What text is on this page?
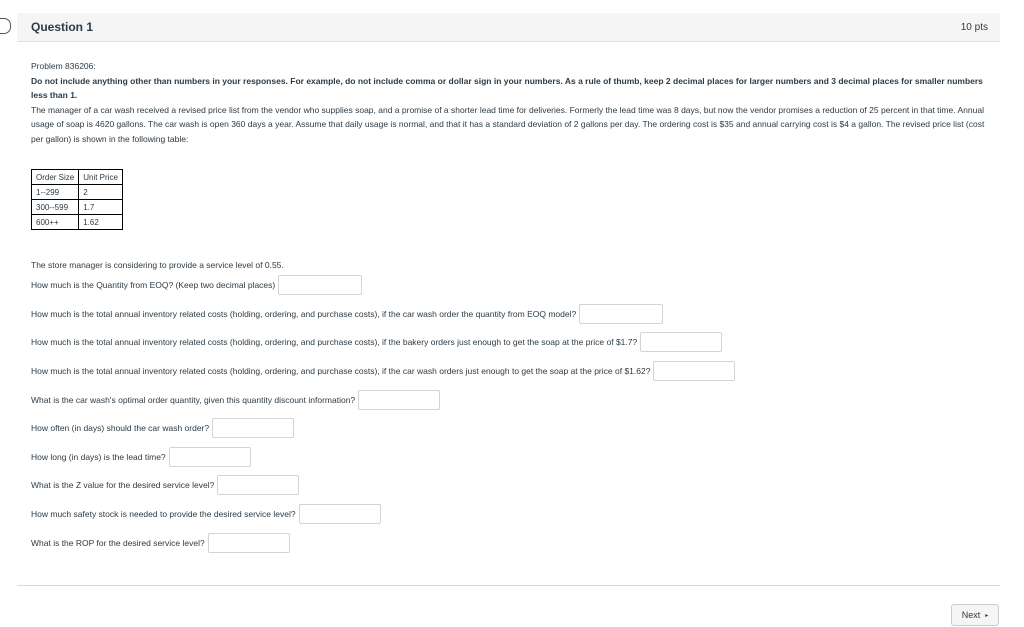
Question 1	10 pts

Problem 836206:

Do not include anything other than numbers in your responses. For example, do not include comma or dollar sign in your numbers. As a rule of thumb, keep 2 decimal places for larger numbers and 3 decimal places for smaller numbers less than 1.

The manager of a car wash received a revised price list from the vendor who supplies soap, and a promise of a shorter lead time for deliveries. Formerly the lead time was 8 days, but now the vendor promises a reduction of 25 percent in that time. Annual usage of soap is 4620 gallons. The car wash is open 360 days a year. Assume that daily usage is normal, and that it has a standard deviation of 2 gallons per day. The ordering cost is $35 and annual carrying cost is $4 a gallon. The revised price list (cost per gallon) is shown in the following table:

Order Size	Unit Price
1--299	2
300--599	1.7
600++	1.62
The store manager is considering to provide a service level of 0.55.
How much is the Quantity from EOQ? (Keep two decimal places)
How much is the total annual inventory related costs (holding, ordering, and purchase costs), if the car wash order the quantity from EOQ model?
How much is the total annual inventory related costs (holding, ordering, and purchase costs), if the bakery orders just enough to get the soap at the price of $1.7?
How much is the total annual inventory related costs (holding, ordering, and purchase costs), if the car wash orders just enough to get the soap at the price of $1.62?
What is the car wash's optimal order quantity, given this quantity discount information?
How often (in days) should the car wash order?
How long (in days) is the lead time?
What is the Z value for the desired service level?
How much safety stock is needed to provide the desired service level?
What is the ROP for the desired service level?
Next ▸
